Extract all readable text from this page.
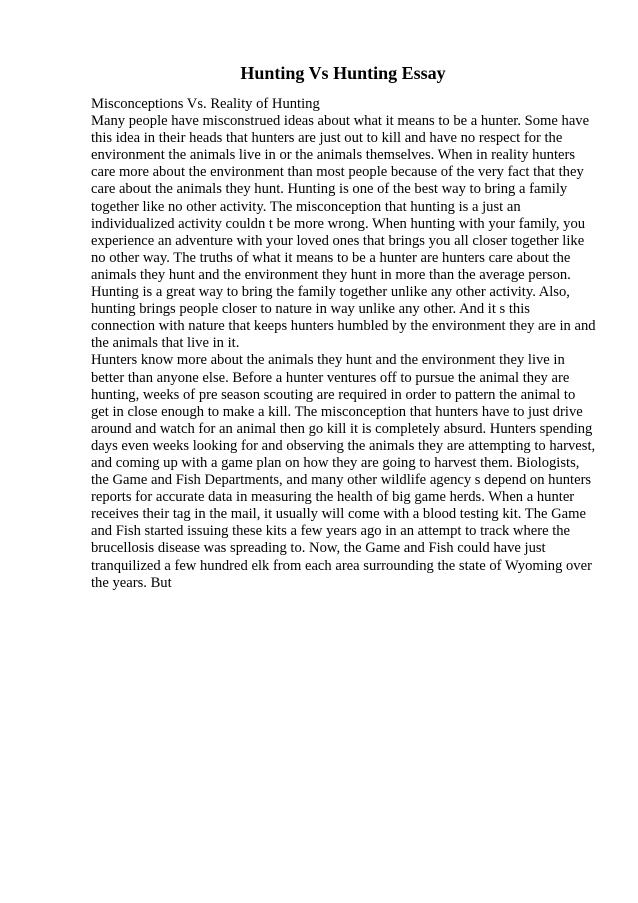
Hunting Vs Hunting Essay

Misconceptions Vs. Reality of Hunting

Many people have misconstrued ideas about what it means to be a hunter. Some have this idea in their heads that hunters are just out to kill and have no respect for the environment the animals live in or the animals themselves. When in reality hunters care more about the environment than most people because of the very fact that they care about the animals they hunt. Hunting is one of the best way to bring a family together like no other activity. The misconception that hunting is a just an individualized activity couldn t be more wrong. When hunting with your family, you experience an adventure with your loved ones that brings you all closer together like no other way. The truths of what it means to be a hunter are hunters care about the animals they hunt and the environment they hunt in more than the average person. Hunting is a great way to bring the family together unlike any other activity. Also, hunting brings people closer to nature in way unlike any other. And it s this connection with nature that keeps hunters humbled by the environment they are in and the animals that live in it.

Hunters know more about the animals they hunt and the environment they live in better than anyone else. Before a hunter ventures off to pursue the animal they are hunting, weeks of pre season scouting are required in order to pattern the animal to get in close enough to make a kill. The misconception that hunters have to just drive around and watch for an animal then go kill it is completely absurd. Hunters spending days even weeks looking for and observing the animals they are attempting to harvest, and coming up with a game plan on how they are going to harvest them. Biologists, the Game and Fish Departments, and many other wildlife agency s depend on hunters reports for accurate data in measuring the health of big game herds. When a hunter receives their tag in the mail, it usually will come with a blood testing kit. The Game and Fish started issuing these kits a few years ago in an attempt to track where the brucellosis disease was spreading to. Now, the Game and Fish could have just tranquilized a few hundred elk from each area surrounding the state of Wyoming over the years. But
